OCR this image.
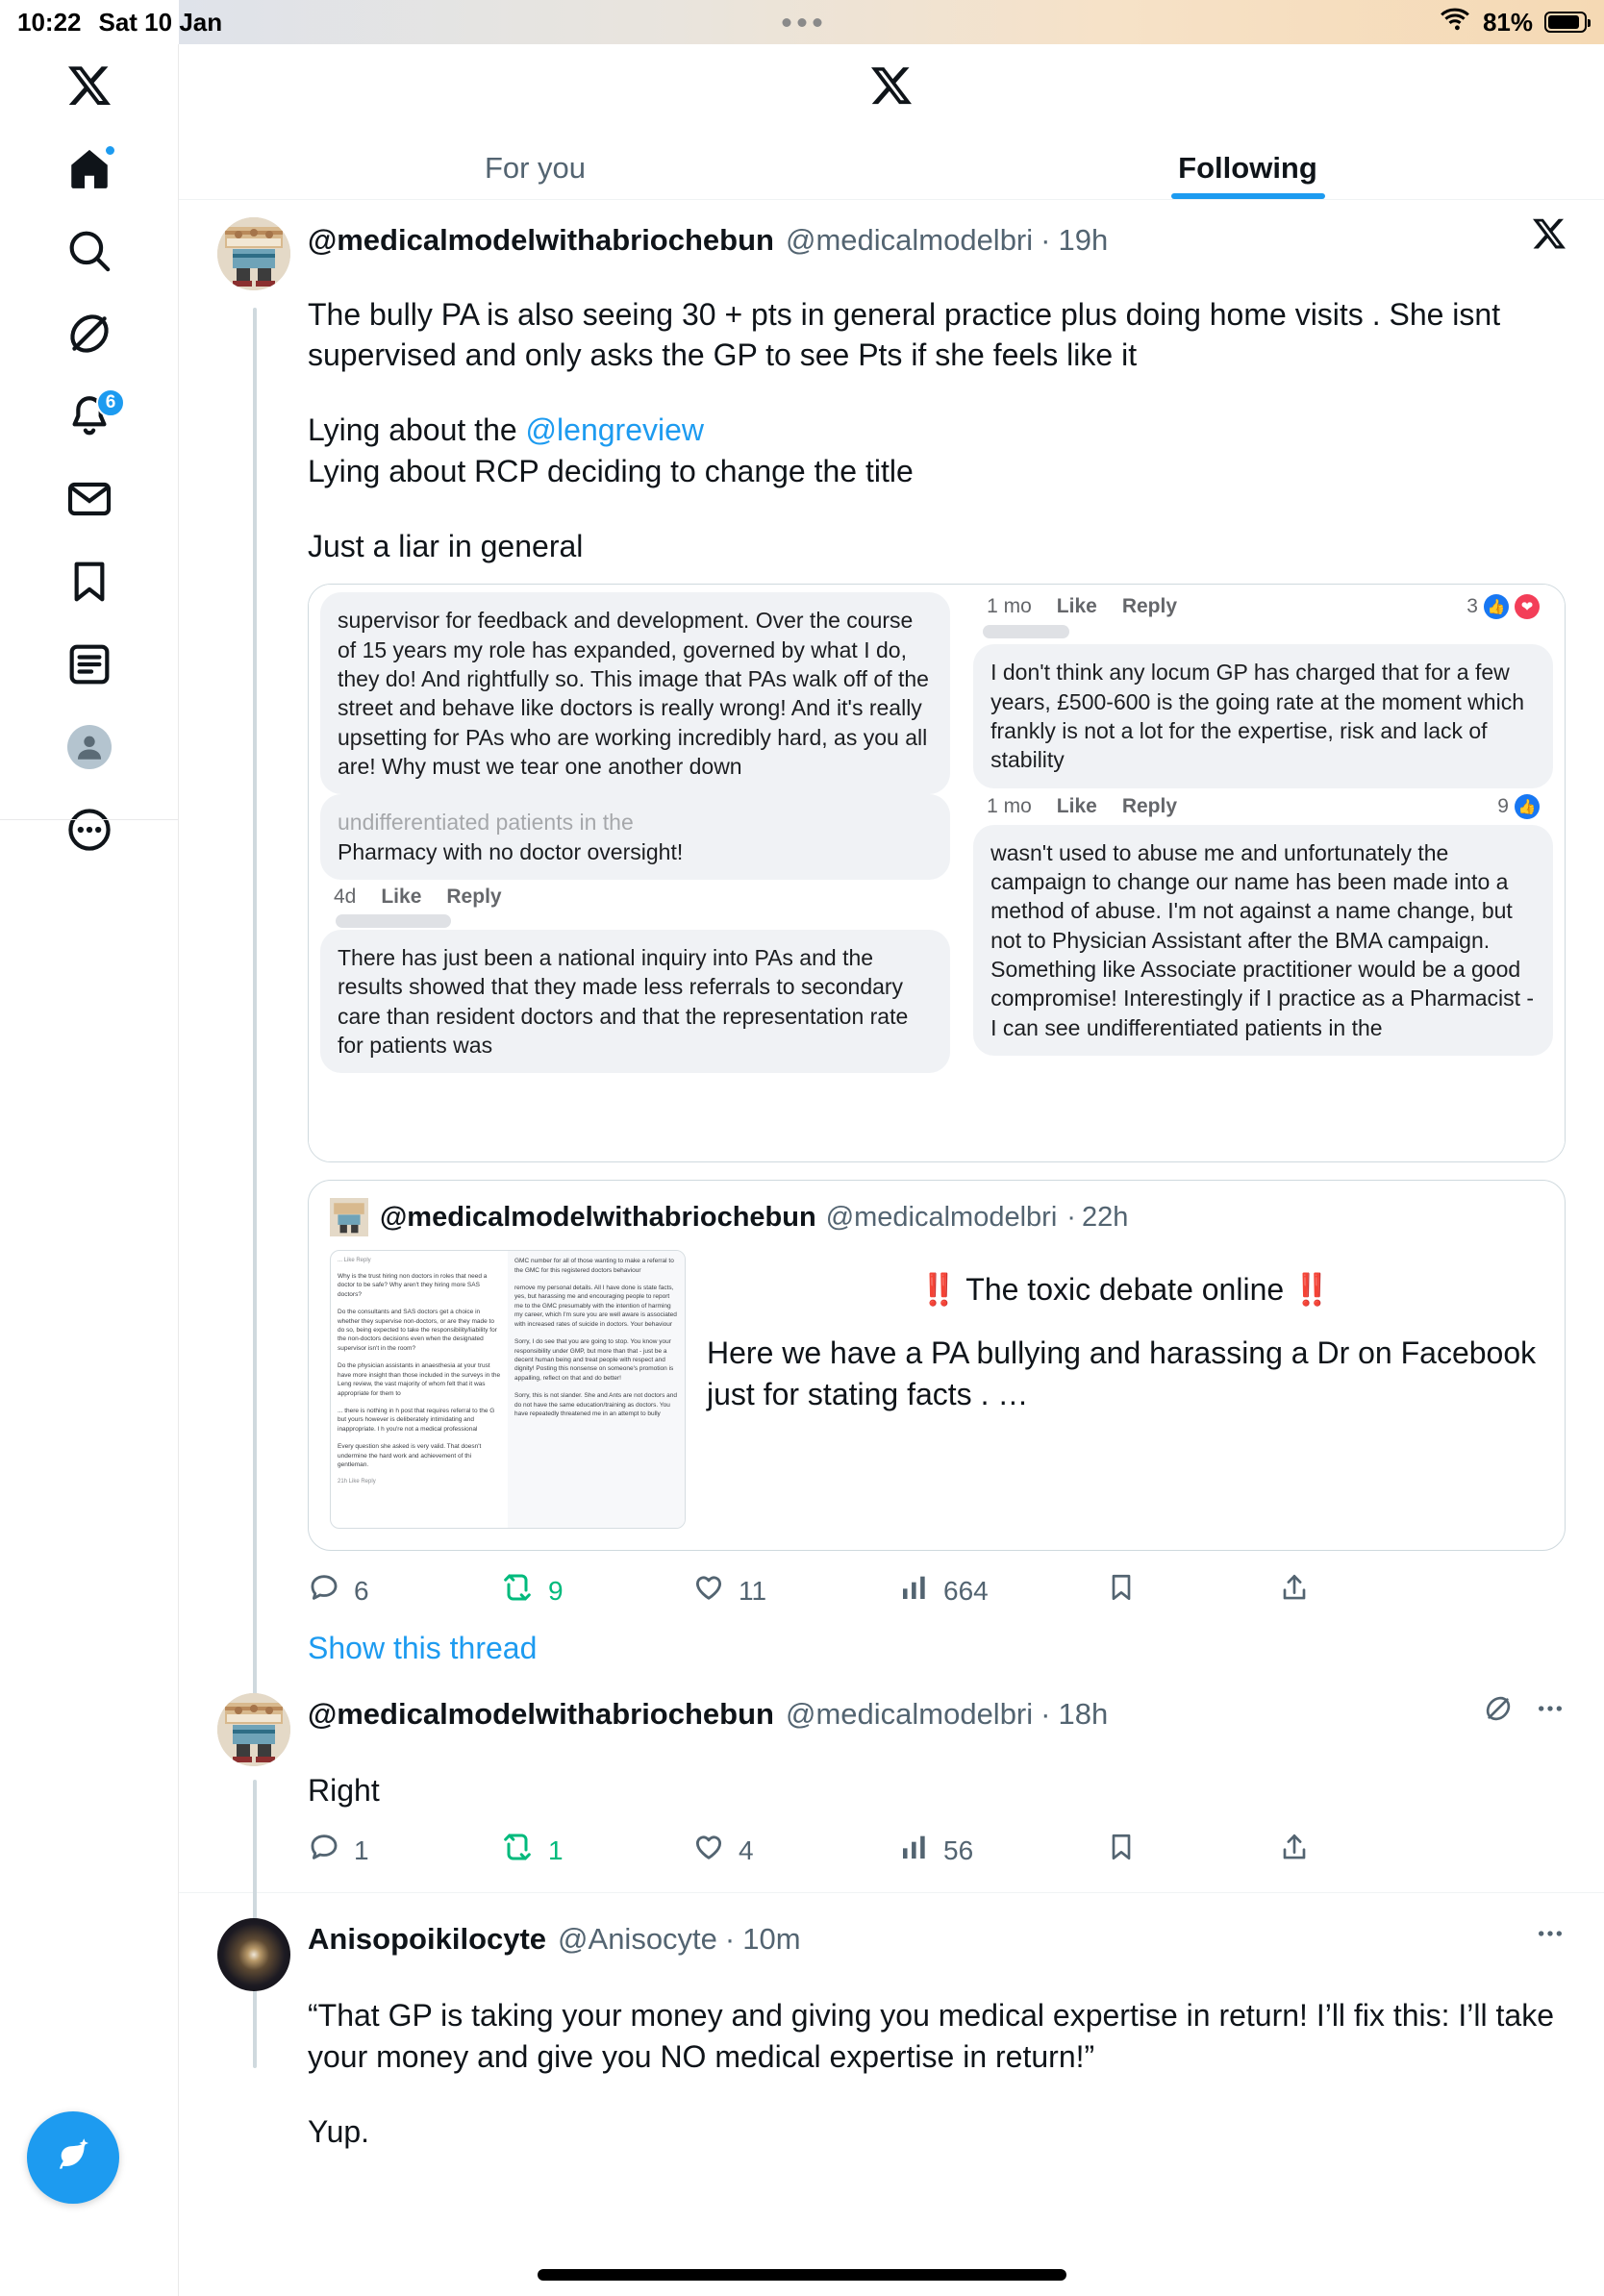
10:22 Sat 10 Jan	81%
6
For you	Following
@medicalmodelwithabriochebun @medicalmodelbri · 19h

The bully PA is also seeing 30 + pts in general practice plus doing home visits . She isnt supervised and only asks the GP to see Pts if she feels like it

Lying about the @lengreview

Lying about RCP deciding to change the title

Just a liar in general

supervisor for feedback and development. Over the course of 15 years my role has expanded, governed by what I do, they do! And rightfully so. This image that PAs walk off of the street and behave like doctors is really wrong! And it's really upsetting for PAs who are working incredibly hard, as you all are! Why must we tear one another down
undifferentiated patients in the
Pharmacy with no doctor oversight!
4d Like Reply
There has just been a national inquiry into PAs and the results showed that they made less referrals to secondary care than resident doctors and that the representation rate for patients was
1 mo Like Reply	3 👍	❤
I don't think any locum GP has charged that for a few years, £500-600 is the going rate at the moment which frankly is not a lot for the expertise, risk and lack of stability
1 mo Like Reply	9 👍
wasn't used to abuse me and unfortunately the campaign to change our name has been made into a method of abuse. I'm not against a name change, but not to Physician Assistant after the BMA campaign. Something like Associate practitioner would be a good compromise! Interestingly if I practice as a Pharmacist - I can see undifferentiated patients in the
@medicalmodelwithabriochebun @medicalmodelbri · 22h
... Like Reply
Why is the trust hiring non doctors in roles that need a doctor to be safe? Why aren't they hiring more SAS doctors?
Do the consultants and SAS doctors get a choice in whether they supervise non-doctors, or are they made to do so, being expected to take the responsibility/liability for the non-doctors decisions even when the designated supervisor isn't in the room?
Do the physician assistants in anaesthesia at your trust have more insight than those included in the surveys in the Leng review, the vast majority of whom felt that it was appropriate for them to
... there is nothing in h post that requires referral to the G but yours however is deliberately intimidating and inappropriate. I h you're not a medical professional
Every question she asked is very valid. That doesn't undermine the hard work and achievement of thi gentleman.
21h Like Reply
GMC number for all of those wanting to make a referral to the GMC for this registered doctors behaviour
remove my personal details. All I have done is state facts, yes, but harassing me and encouraging people to report me to the GMC presumably with the intention of harming my career, which I'm sure you are well aware is associated with increased rates of suicide in doctors. Your behaviour
Sorry, I do see that you are going to stop. You know your responsibility under GMP, but more than that - just be a decent human being and treat people with respect and dignity! Posting this nonsense on someone's promotion is appalling, reflect on that and do better!
Sorry, this is not slander. She and Ants are not doctors and do not have the same education/training as doctors. You have repeatedly threatened me in an attempt to bully
‼️ The toxic debate online ‼️
Here we have a PA bullying and harassing a Dr on Facebook just for stating facts . …
6	9	11	664
Show this thread
@medicalmodelwithabriochebun @medicalmodelbri · 18h

Right

1	1	4	56
Anisopoikilocyte @Anisocyte · 10m

“That GP is taking your money and giving you medical expertise in return! I’ll fix this: I’ll take your money and give you NO medical expertise in return!”

Yup.
